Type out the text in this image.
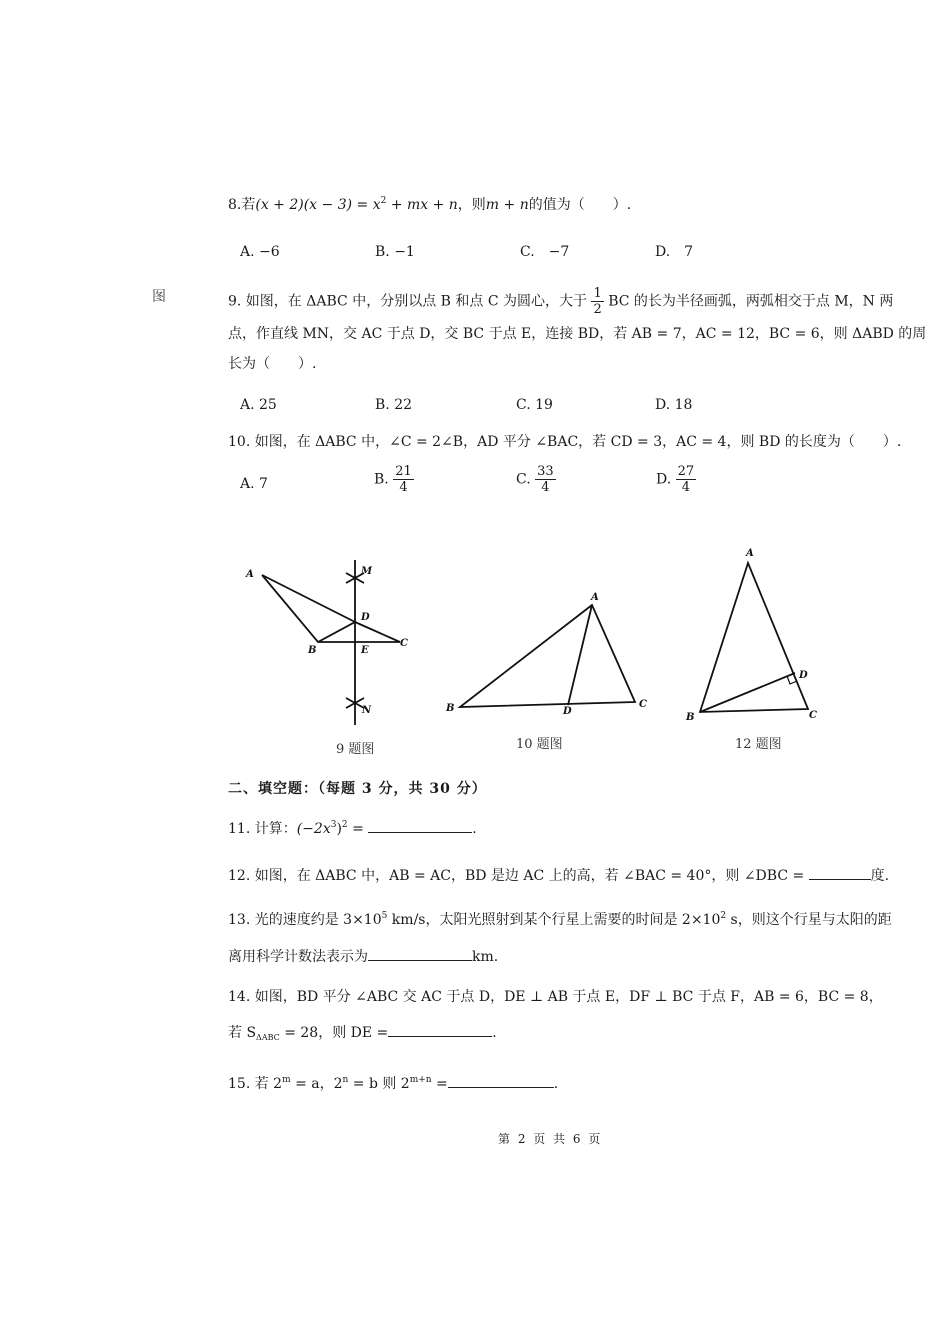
图
8.若$(x + 2)(x - 3) = x^2$ + mx + n，则m + n的值为（　　）.
A. −6	B. −1	C.　−7	D.　7
9. 如图，在 ΔABC 中，分别以点 B 和点 C 为圆心，大于 $\frac{1}{2}$ BC 的长为半径画弧，两弧相交于点 M，N 两
点，作直线 MN，交 AC 于点 D，交 BC 于点 E，连接 BD，若 AB = 7，AC = 12，BC = 6，则 ΔABD 的周
长为（　　）.
A. 25	B. 22	C. 19	D. 18
10. 如图，在 ΔABC 中，∠C = 2∠B，AD 平分 ∠BAC，若 CD = 3，AC = 4，则 BD 的长度为（　　）.
A. 7	B. $\frac{21}{4}$	C. $\frac{33}{4}$	D. $\frac{27}{4}$
A	M
D
B	E
C
N
A
B	D
C
A
D
B	C
9 题图	10 题图	12 题图
二、填空题：（每题 3 分，共 30 分）
11. 计算：$(-2x^3)^2$ =	.
12. 如图，在 ΔABC 中，AB = AC，BD 是边 AC 上的高，若 ∠BAC = 40°，则 ∠DBC =	度.
13. 光的速度约是 $3\times 10^5$ km/s，太阳光照射到某个行星上需要的时间是 $2\times 10^2$ s，则这个行星与太阳的距
离用科学计数法表示为	km.
14. 如图，BD 平分 ∠ABC 交 AC 于点 D，DE ⊥ AB 于点 E，DF ⊥ BC 于点 F，AB = 6，BC = 8，
若 $S_{\Delta ABC} = 28$，则 DE =	.
15. 若 $2^m = a$，$2^n = b$ 则 $2^{m+n}$ =	.
第 2 页 共 6 页
